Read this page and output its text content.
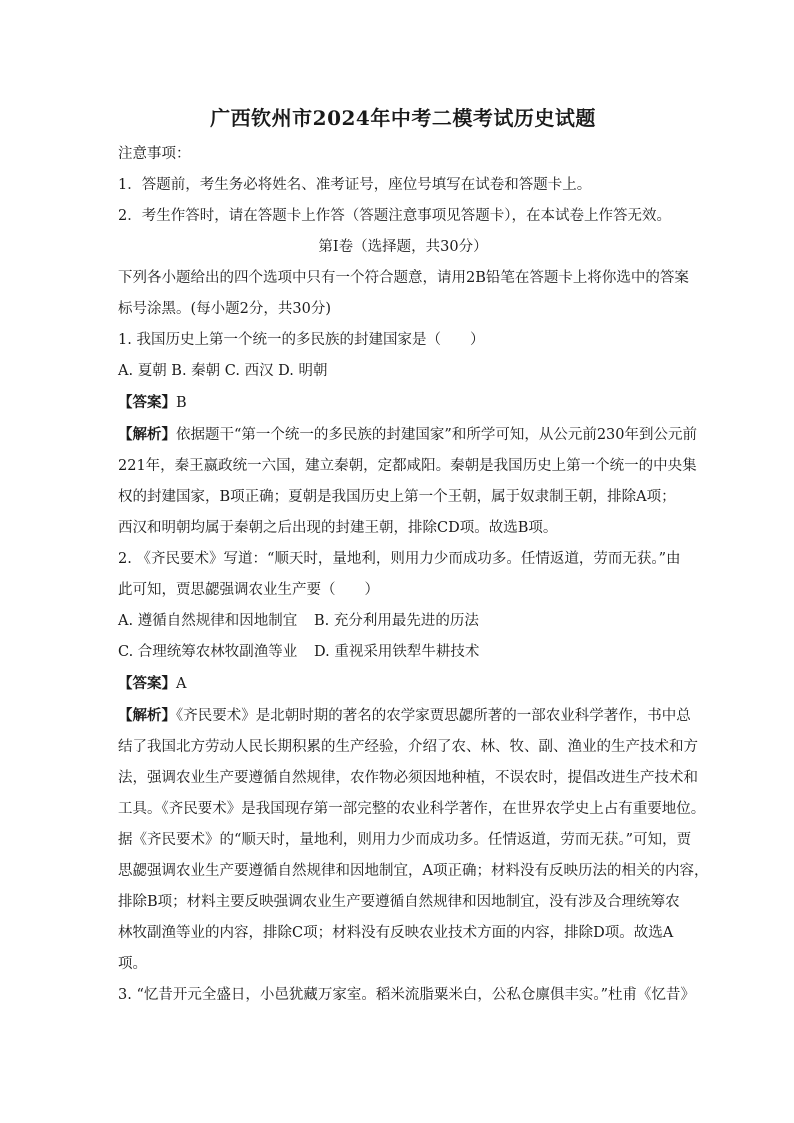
广西钦州市2024年中考二模考试历史试题

注意事项：

1．答题前，考生务必将姓名、准考证号，座位号填写在试卷和答题卡上。

2．考生作答时，请在答题卡上作答（答题注意事项见答题卡），在本试卷上作答无效。

第Ⅰ卷（选择题，共30分）

下列各小题给出的四个选项中只有一个符合题意，请用2B铅笔在答题卡上将你选中的答案

标号涂黑。(每小题2分，共30分)

1. 我国历史上第一个统一的多民族的封建国家是（　　）

A. 夏朝 B. 秦朝 C. 西汉 D. 明朝

【答案】B

【解析】依据题干“第一个统一的多民族的封建国家”和所学可知，从公元前230年到公元前

221年，秦王嬴政统一六国，建立秦朝，定都咸阳。秦朝是我国历史上第一个统一的中央集

权的封建国家，B项正确；夏朝是我国历史上第一个王朝，属于奴隶制王朝，排除A项；

西汉和明朝均属于秦朝之后出现的封建王朝，排除CD项。故选B项。

2. 《齐民要术》写道：“顺天时，量地利，则用力少而成功多。任情返道，劳而无获。”由

此可知，贾思勰强调农业生产要（　　）

A. 遵循自然规律和因地制宜	B. 充分利用最先进的历法
C. 合理统筹农林牧副渔等业	D. 重视采用铁犁牛耕技术

【答案】A

【解析】《齐民要术》是北朝时期的著名的农学家贾思勰所著的一部农业科学著作，书中总

结了我国北方劳动人民长期积累的生产经验，介绍了农、林、牧、副、渔业的生产技术和方

法，强调农业生产要遵循自然规律，农作物必须因地种植，不误农时，提倡改进生产技术和

工具。《齐民要术》是我国现存第一部完整的农业科学著作，在世界农学史上占有重要地位。

据《齐民要术》的“顺天时，量地利，则用力少而成功多。任情返道，劳而无获。”可知，贾

思勰强调农业生产要遵循自然规律和因地制宜，A项正确；材料没有反映历法的相关的内容，

排除B项；材料主要反映强调农业生产要遵循自然规律和因地制宜，没有涉及合理统筹农

林牧副渔等业的内容，排除C项；材料没有反映农业技术方面的内容，排除D项。故选A

项。

3. “忆昔开元全盛日，小邑犹藏万家室。稻米流脂粟米白，公私仓廪俱丰实。”杜甫《忆昔》
